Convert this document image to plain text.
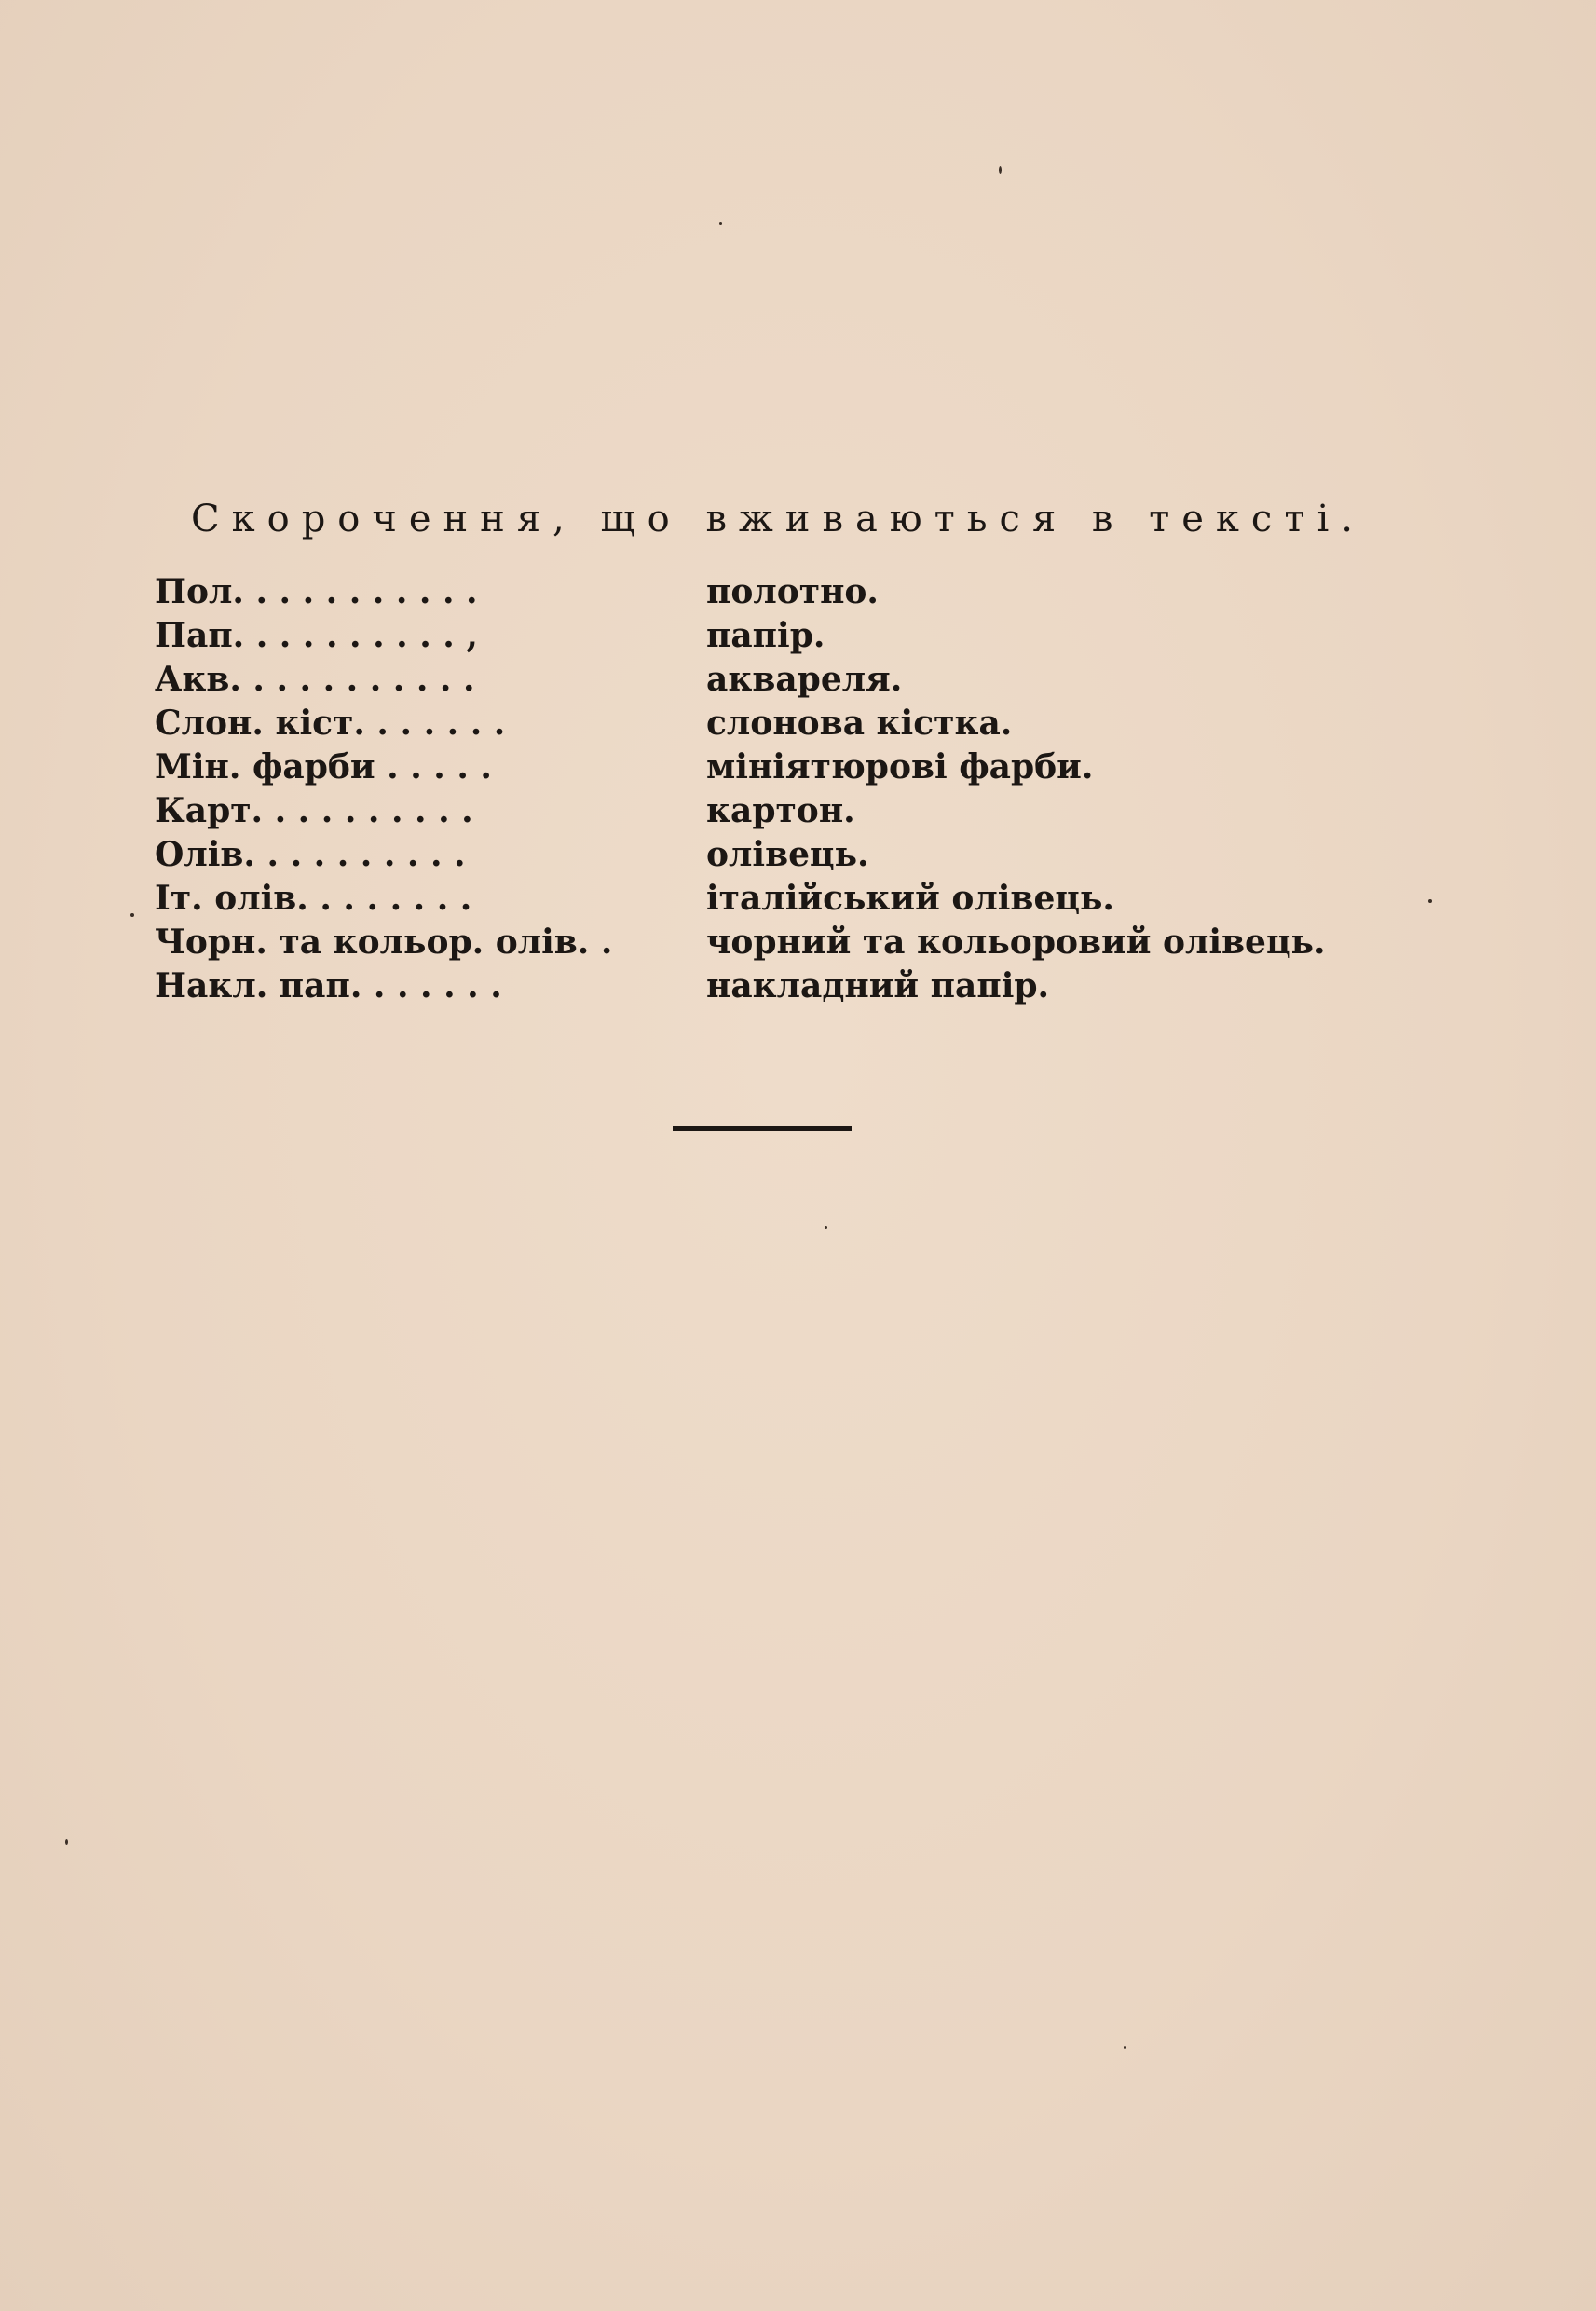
Скорочення, що вживаються в тексті.
Пол. . . . . . . . . . .	полотно.
Пап. . . . . . . . . . ,	папір.
Акв. . . . . . . . . . .	акварeля.
Слон. кіст. . . . . . .	слонова кістка.
Мін. фарби . . . . .	мініятюрові фарби.
Карт. . . . . . . . . .	картон.
Олів. . . . . . . . . .	олівець.
Іт. олів. . . . . . . .	італійський олівець.
Чорн. та кольор. олів. .	чорний та кольоровий олівець.
Накл. пап. . . . . . .	накладний папір.
